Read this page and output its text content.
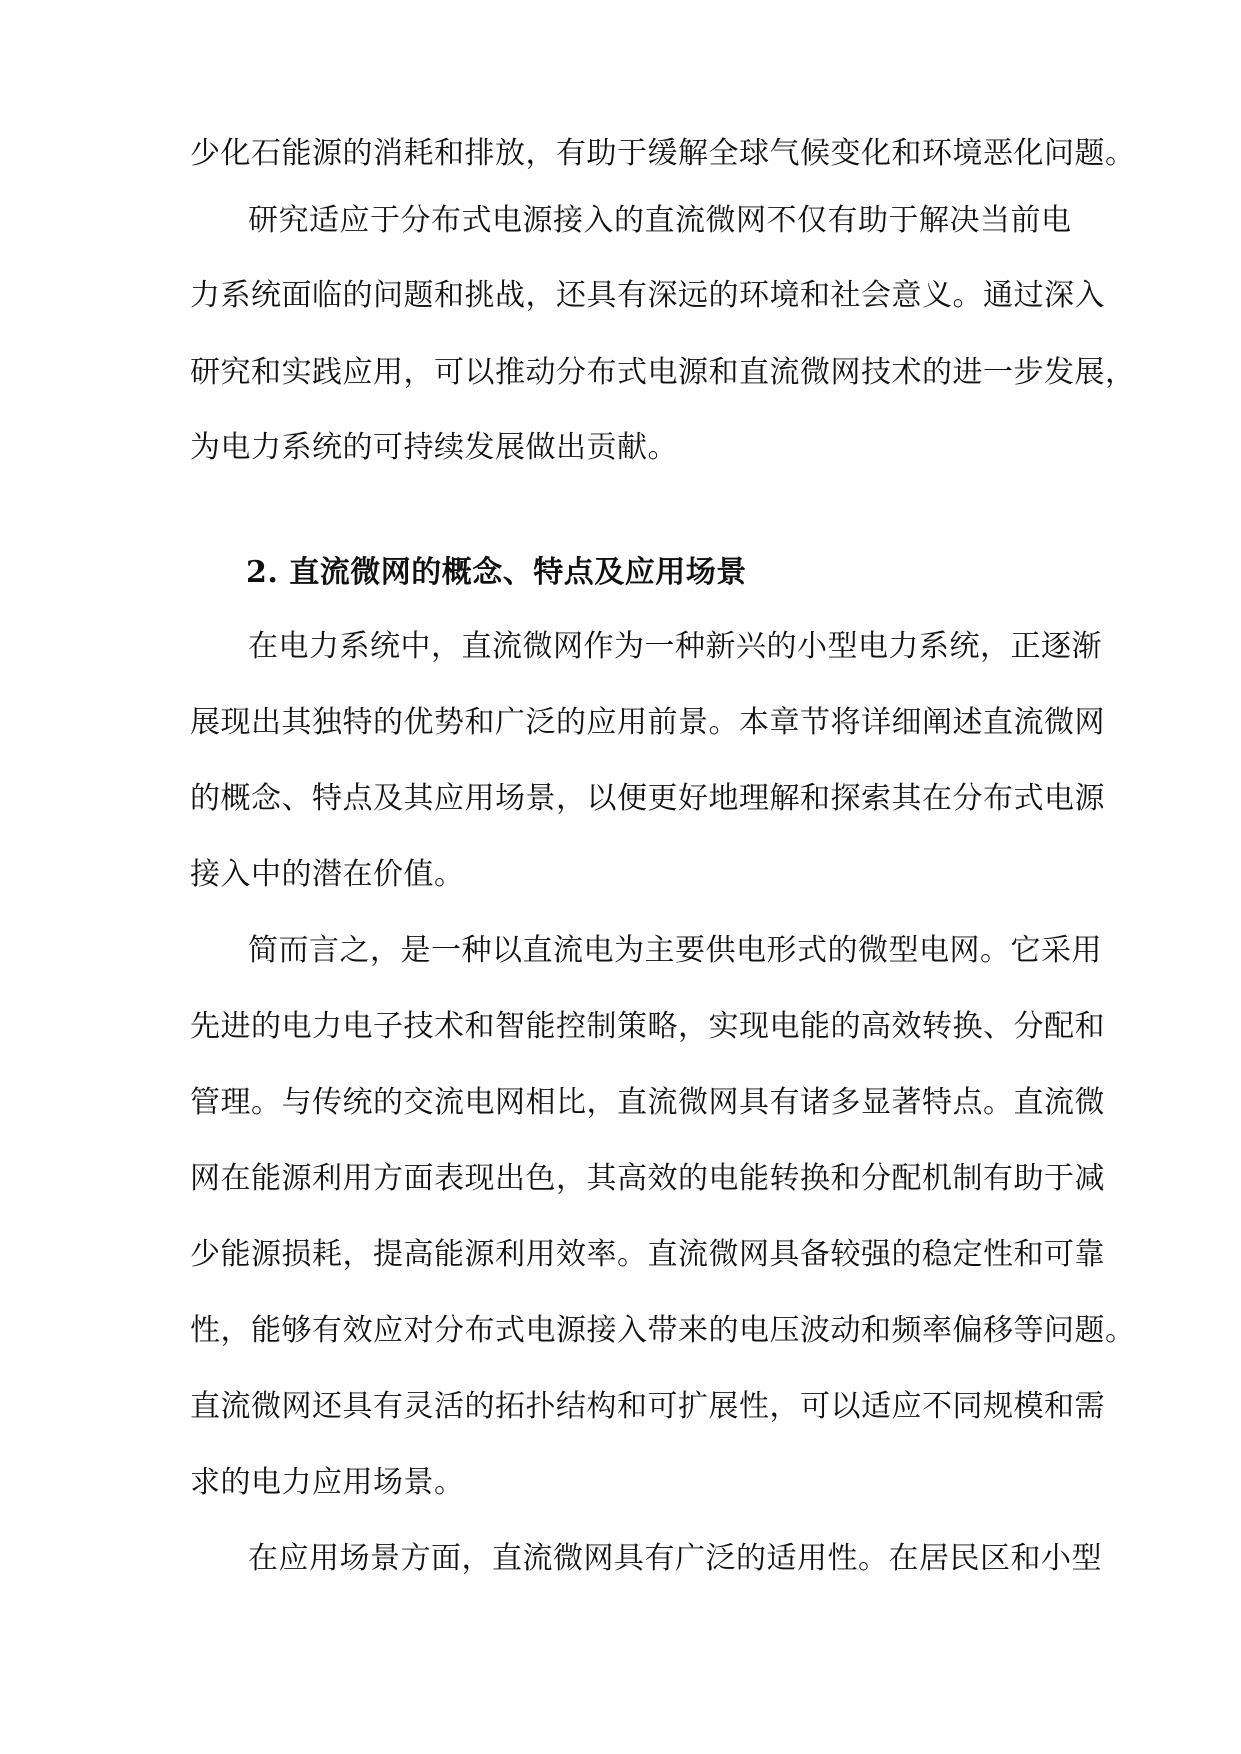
少化石能源的消耗和排放，有助于缓解全球气候变化和环境恶化问题。
研究适应于分布式电源接入的直流微网不仅有助于解决当前电
力系统面临的问题和挑战，还具有深远的环境和社会意义。通过深入
研究和实践应用，可以推动分布式电源和直流微网技术的进一步发展，
为电力系统的可持续发展做出贡献。
2. 直流微网的概念、特点及应用场景
在电力系统中，直流微网作为一种新兴的小型电力系统，正逐渐
展现出其独特的优势和广泛的应用前景。本章节将详细阐述直流微网
的概念、特点及其应用场景，以便更好地理解和探索其在分布式电源
接入中的潜在价值。
简而言之，是一种以直流电为主要供电形式的微型电网。它采用
先进的电力电子技术和智能控制策略，实现电能的高效转换、分配和
管理。与传统的交流电网相比，直流微网具有诸多显著特点。直流微
网在能源利用方面表现出色，其高效的电能转换和分配机制有助于减
少能源损耗，提高能源利用效率。直流微网具备较强的稳定性和可靠
性，能够有效应对分布式电源接入带来的电压波动和频率偏移等问题。
直流微网还具有灵活的拓扑结构和可扩展性，可以适应不同规模和需
求的电力应用场景。
在应用场景方面，直流微网具有广泛的适用性。在居民区和小型
